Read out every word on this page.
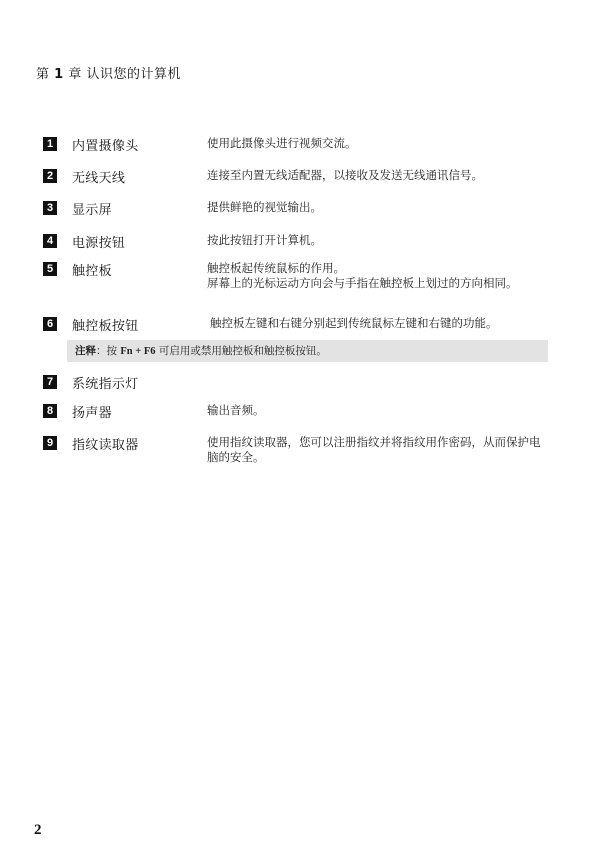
第 1 章 认识您的计算机
1	内置摄像头	使用此摄像头进行视频交流。
2	无线天线	连接至内置无线适配器，以接收及发送无线通讯信号。
3	显示屏	提供鲜艳的视觉输出。
4	电源按钮	按此按钮打开计算机。
5	触控板	触控板起传统鼠标的作用。
屏幕上的光标运动方向会与手指在触控板上划过的方向相同。
6	触控板按钮	触控板左键和右键分别起到传统鼠标左键和右键的功能。
注释：按 Fn + F6 可启用或禁用触控板和触控板按钮。
7	系统指示灯
8	扬声器	输出音频。
9	指纹读取器	使用指纹读取器，您可以注册指纹并将指纹用作密码，从而保护电脑的安全。
2
